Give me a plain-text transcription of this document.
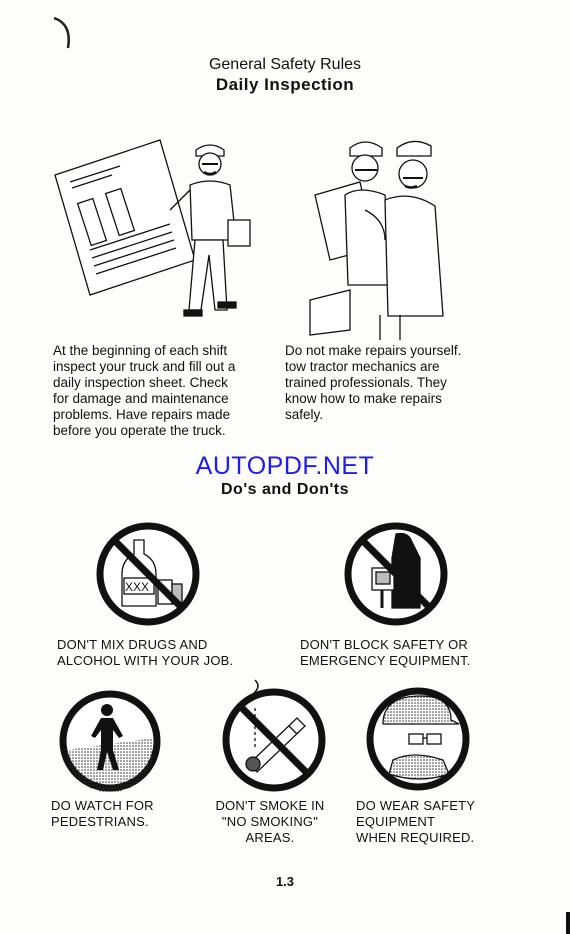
General Safety Rules
Daily Inspection
At the beginning of each shift
inspect your truck and fill out a
daily inspection sheet. Check
for damage and maintenance
problems. Have repairs made
before you operate the truck.
Do not make repairs yourself.
tow tractor mechanics are
trained professionals. They
know how to make repairs
safely.
AUTOPDF.NET
Do's and Don'ts
XXX
DON'T MIX DRUGS AND
ALCOHOL WITH YOUR JOB.
DON'T BLOCK SAFETY OR
EMERGENCY EQUIPMENT.
DO WATCH FOR
PEDESTRIANS.
DON'T SMOKE IN
"NO SMOKING"
AREAS.
DO WEAR SAFETY
EQUIPMENT
WHEN REQUIRED.
1.3
